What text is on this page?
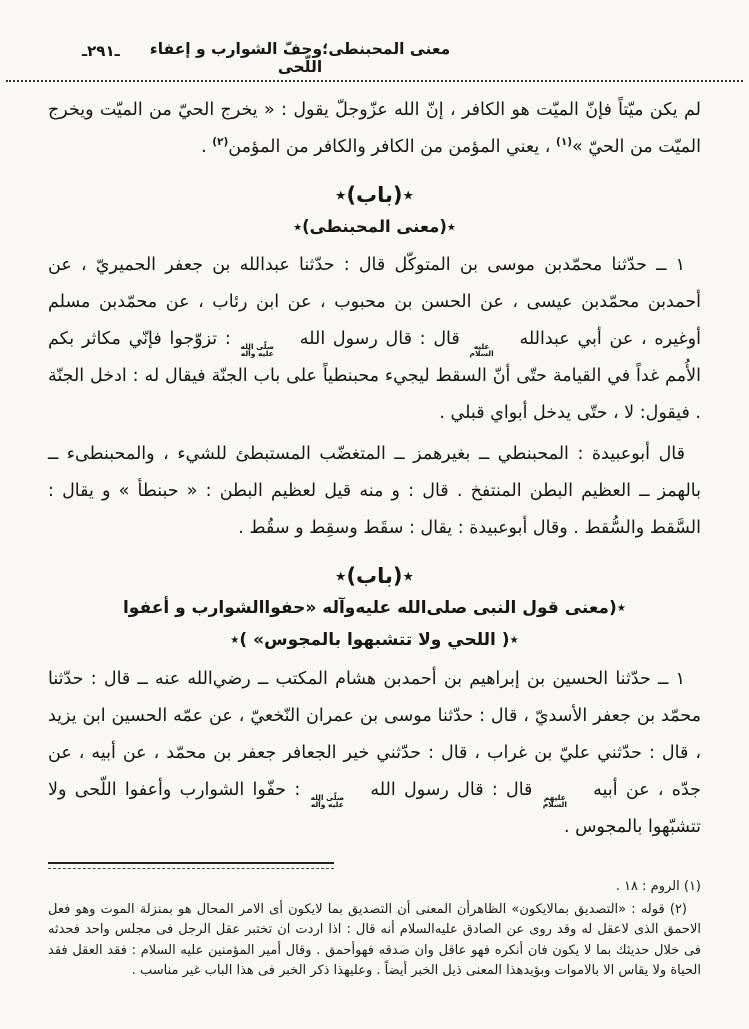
ـ٢٩١ـ	معنى المحبنطى؛وحفّ الشوارب و إعفاء اللّحى

لم يكن ميّتاً فإنّ الميّت هو الكافر ، إنّ الله عزّوجلّ يقول : « يخرج الحيّ من الميّت ويخرج الميّت من الحيّ »$^{(١)}$ ، يعني المؤمن من الكافر والكافر من المؤمن$^{(٢)}$ .

٭(باب)٭
٭(معنى المحبنطى)٭

١ ــ حدّثنا محمّدبن موسى بن المتوكّل قال : حدّثنا عبدالله بن جعفر الحميريّ ، عن أحمدبن محمّدبن عيسى ، عن الحسن بن محبوب ، عن ابن رئاب ، عن محمّدبن مسلم أوغيره ، عن أبي عبدالله
عليه
السلام
قال : قال رسول الله
صلّى الله
عليه وآله
: تزوّجوا فإنّي مكاثر بكم الأُمم غداً في القيامة حتّى أنّ السقط ليجيء محبنطياً على باب الجنّة فيقال له : ادخل الجنّة . فيقول: لا ، حتّى يدخل أبواي قبلي .

قال أبوعبيدة : المحبنطي ــ بغيرهمز ــ المتغضّب المستبطئ للشيء ، والمحبنطىء ــ بالهمز ــ العظيم البطن المنتفخ . قال : و منه قيل لعظيم البطن : « حبنطأ » و يقال : السَّقط والسُّقط . وقال أبوعبيدة : يقال : سقَط وسقِط و سقُط .

٭(باب)٭
٭(معنى قول النبى صلى‌الله عليه‌وآله «حفواالشوارب و أعفوا
٭( اللحي ولا تتشبهوا بالمجوس» )٭

١ ــ حدّثنا الحسين بن إبراهيم بن أحمدبن هشام المكتب ــ رضي‌الله عنه ــ قال : حدّثنا محمّد بن جعفر الأسديّ ، قال : حدّثنا موسى بن عمران النّخعيّ ، عن عمّه الحسين ابن يزيد ، قال : حدّثني عليّ بن غراب ، قال : حدّثني خير الجعافر جعفر بن محمّد ، عن أبيه ، عن جدّه ، عن أبيه
عليهم
السلام
قال : قال رسول الله
صلّى الله
عليه وآله
: حفّوا الشوارب وأعفوا اللّحى ولا تتشبّهوا بالمجوس .

(١) الروم : ١٨ .

(٢) قوله : «التصديق بمالايكون» الظاهرأن المعنى أن التصديق بما لايكون أى الامر المحال هو بمنزلة الموت وهو فعل الاحمق الذى لاعقل له وقد روى عن الصادق عليه‌السلام أنه قال : اذا اردت ان تختبر عقل الرجل فى مجلس واحد فحدثه فى خلال حديثك بما لا يكون فان أنكره فهو عاقل وان صدقه فهوأحمق . وقال أمير المؤمنين عليه السلام : فقد العقل فقد الحياة ولا يقاس الا بالاموات وبؤيدهذا المعنى ذيل الخبر أيضاً . وعليهذا ذكر الخبر فى هذا الباب غير مناسب .
